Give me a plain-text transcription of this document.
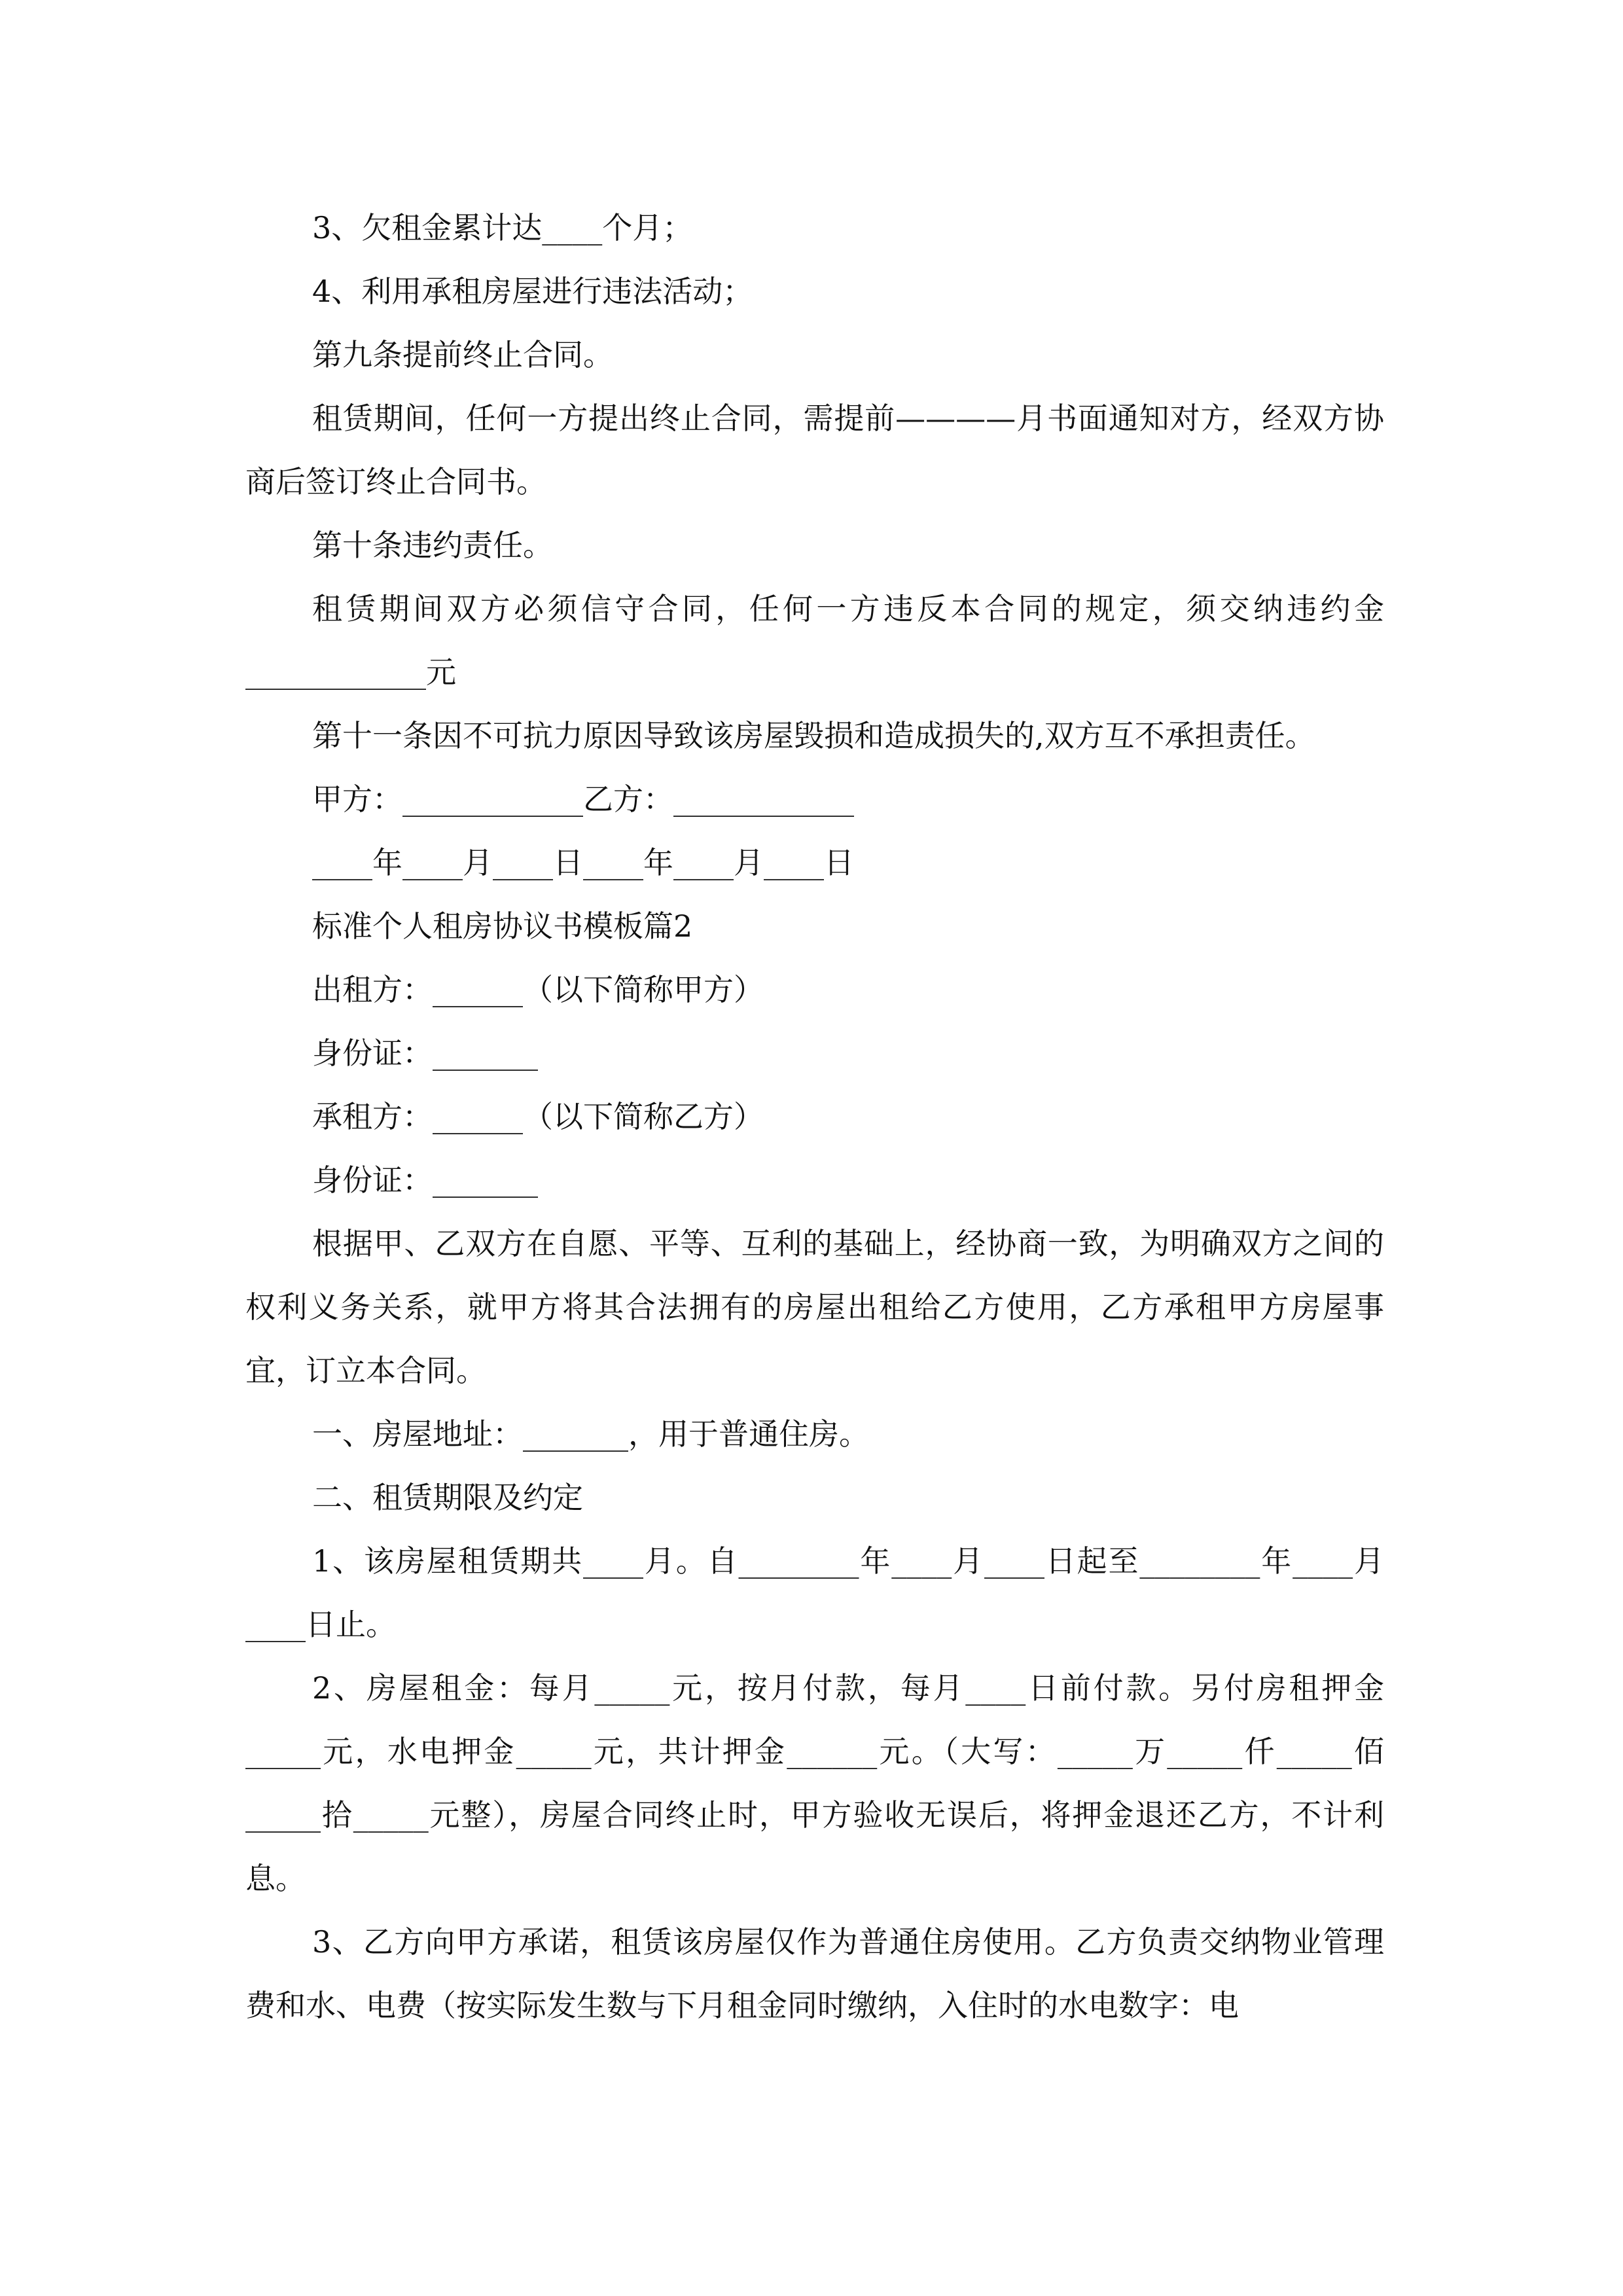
3、欠租金累计达____个月；

4、利用承租房屋进行违法活动；

第九条提前终止合同。

租赁期间，任何一方提出终止合同，需提前————月书面通知对方，经双方协商后签订终止合同书。

第十条违约责任。

租赁期间双方必须信守合同，任何一方违反本合同的规定，须交纳违约金____________元

第十一条因不可抗力原因导致该房屋毁损和造成损失的,双方互不承担责任。

甲方：____________乙方：____________

____年____月____日____年____月____日

标准个人租房协议书模板篇2

出租方：______（以下简称甲方）

身份证：_______

承租方：______（以下简称乙方）

身份证：_______

根据甲、乙双方在自愿、平等、互利的基础上，经协商一致，为明确双方之间的权利义务关系，就甲方将其合法拥有的房屋出租给乙方使用，乙方承租甲方房屋事宜，订立本合同。

一、房屋地址：_______，用于普通住房。

二、租赁期限及约定

1、该房屋租赁期共____月。自________年____月____日起至________年____月____日止。

2、房屋租金：每月_____元，按月付款，每月____日前付款。另付房租押金_____元，水电押金_____元，共计押金______元。（大写：_____万_____仟_____佰_____拾_____元整），房屋合同终止时，甲方验收无误后，将押金退还乙方，不计利息。

3、乙方向甲方承诺，租赁该房屋仅作为普通住房使用。乙方负责交纳物业管理费和水、电费（按实际发生数与下月租金同时缴纳，入住时的水电数字：电
